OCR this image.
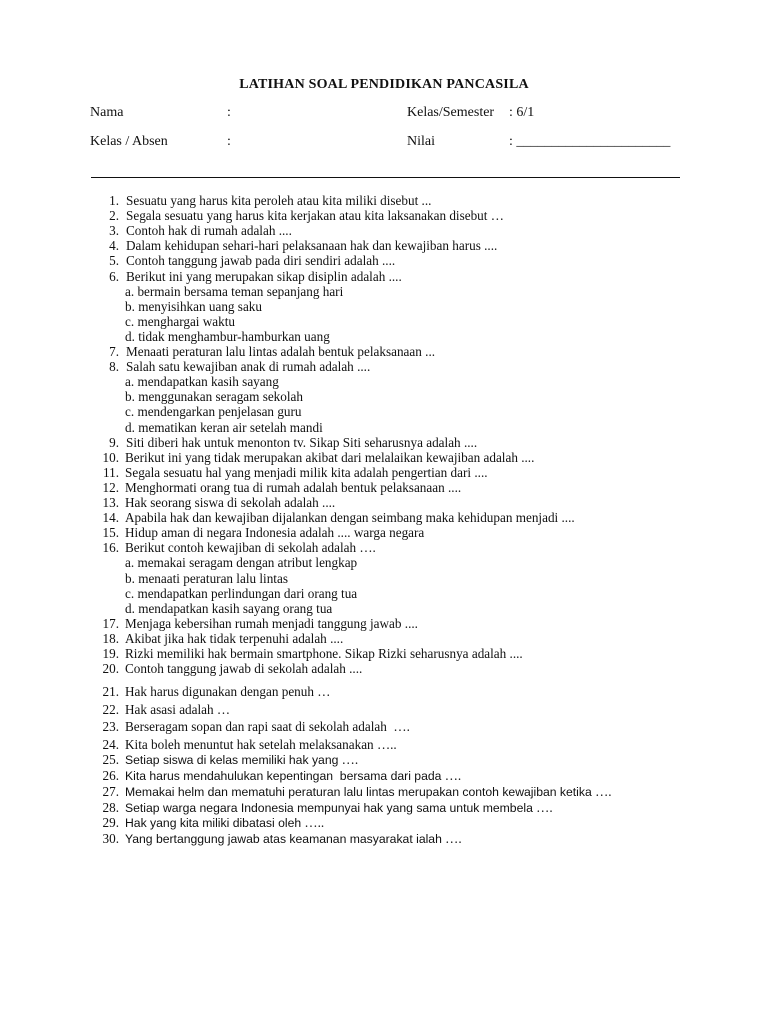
LATIHAN SOAL PENDIDIKAN PANCASILA
Nama	:	Kelas/Semester : 6/1
Kelas / Absen	:	Nilai	: ______________________
1. Sesuatu yang harus kita peroleh atau kita miliki disebut ...
2. Segala sesuatu yang harus kita kerjakan atau kita laksanakan disebut …
3. Contoh hak di rumah adalah ....
4. Dalam kehidupan sehari-hari pelaksanaan hak dan kewajiban harus ....
5. Contoh tanggung jawab pada diri sendiri adalah ....
6. Berikut ini yang merupakan sikap disiplin adalah ....
a. bermain bersama teman sepanjang hari
b. menyisihkan uang saku
c. menghargai waktu
d. tidak menghambur-hamburkan uang
7. Menaati peraturan lalu lintas adalah bentuk pelaksanaan ...
8. Salah satu kewajiban anak di rumah adalah ....
a. mendapatkan kasih sayang
b. menggunakan seragam sekolah
c. mendengarkan penjelasan guru
d. mematikan keran air setelah mandi
9. Siti diberi hak untuk menonton tv. Sikap Siti seharusnya adalah ....
10. Berikut ini yang tidak merupakan akibat dari melalaikan kewajiban adalah ....
11. Segala sesuatu hal yang menjadi milik kita adalah pengertian dari ....
12. Menghormati orang tua di rumah adalah bentuk pelaksanaan ....
13. Hak seorang siswa di sekolah adalah ....
14. Apabila hak dan kewajiban dijalankan dengan seimbang maka kehidupan menjadi ....
15. Hidup aman di negara Indonesia adalah .... warga negara
16. Berikut contoh kewajiban di sekolah adalah ….
a. memakai seragam dengan atribut lengkap
b. menaati peraturan lalu lintas
c. mendapatkan perlindungan dari orang tua
d. mendapatkan kasih sayang orang tua
17. Menjaga kebersihan rumah menjadi tanggung jawab ....
18. Akibat jika hak tidak terpenuhi adalah ....
19. Rizki memiliki hak bermain smartphone. Sikap Rizki seharusnya adalah ....
20. Contoh tanggung jawab di sekolah adalah ....
21. Hak harus digunakan dengan penuh …
22. Hak asasi adalah …
23. Berseragam sopan dan rapi saat di sekolah adalah  ….
24. Kita boleh menuntut hak setelah melaksanakan …..
25. Setiap siswa di kelas memiliki hak yang ….
26. Kita harus mendahulukan kepentingan  bersama dari pada ….
27. Memakai helm dan mematuhi peraturan lalu lintas merupakan contoh kewajiban ketika ….
28. Setiap warga negara Indonesia mempunyai hak yang sama untuk membela ….
29. Hak yang kita miliki dibatasi oleh …..
30. Yang bertanggung jawab atas keamanan masyarakat ialah ….
